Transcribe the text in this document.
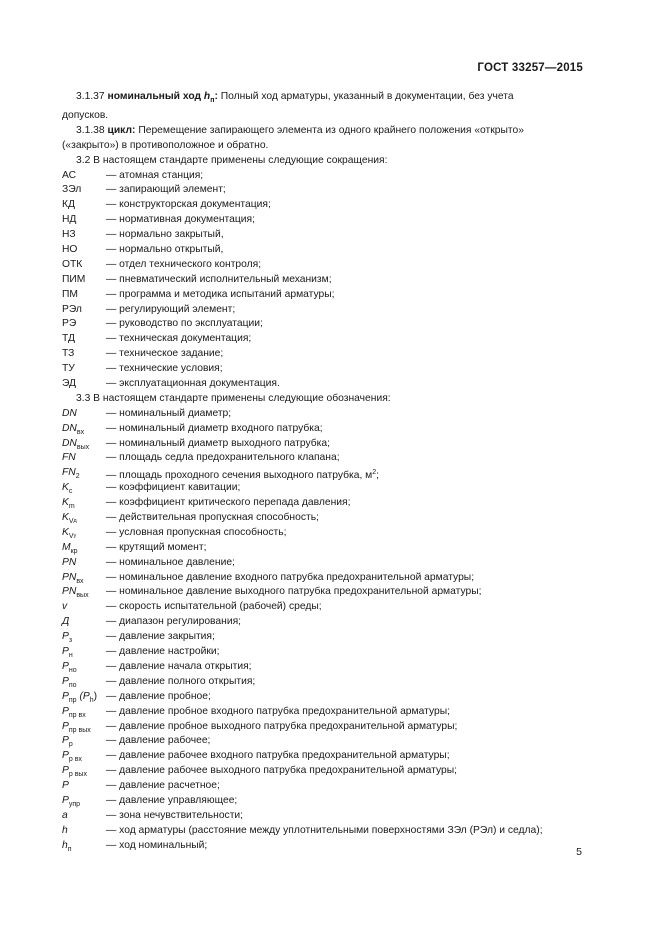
ГОСТ 33257—2015

3.1.37 номинальный ход $h_п$: Полный ход арматуры, указанный в документации, без учета

допусков.

3.1.38 цикл: Перемещение запирающего элемента из одного крайнего положения «открыто»

(«закрыто») в противоположное и обратно.

3.2 В настоящем стандарте применены следующие сокращения:

АС	— атомная станция;
ЗЭл	— запирающий элемент;
КД	— конструкторская документация;
НД	— нормативная документация;
НЗ	— нормально закрытый,
НО	— нормально открытый,
ОТК	— отдел технического контроля;
ПИМ	— пневматический исполнительный механизм;
ПМ	— программа и методика испытаний арматуры;
РЭл	— регулирующий элемент;
РЭ	— руководство по эксплуатации;
ТД	— техническая документация;
ТЗ	— техническое задание;
ТУ	— технические условия;
ЭД	— эксплуатационная документация.

3.3 В настоящем стандарте применены следующие обозначения:

DN	— номинальный диаметр;
$DN_{вх}$	— номинальный диаметр входного патрубка;
$DN_{вых}$	— номинальный диаметр выходного патрубка;
FN	— площадь седла предохранительного клапана;
$FN_2$	— площадь проходного сечения выходного патрубка, $м^2$;
$K_c$	— коэффициент кавитации;
$K_m$	— коэффициент критического перепада давления;
$K_Vд$	— действительная пропускная способность;
$K_Vy$	— условная пропускная способность;
$M_{кр}$	— крутящий момент;
PN	— номинальное давление;
$PN_{вх}$	— номинальное давление входного патрубка предохранительной арматуры;
$PN_{вых}$	— номинальное давление выходного патрубка предохранительной арматуры;
v	— скорость испытательной (рабочей) среды;
Д	— диапазон регулирования;
$P_з$	— давление закрытия;
$P_н$	— давление настройки;
$P_{но}$	— давление начала открытия;
$P_{по}$	— давление полного открытия;
$P_{пр}$ $(P_h)$ — давление пробное;
$P_{пр вх}$	— давление пробное входного патрубка предохранительной арматуры;
$P_{пр вых}$	— давление пробное выходного патрубка предохранительной арматуры;
$P_р$	— давление рабочее;
$P_{р вх}$	— давление рабочее входного патрубка предохранительной арматуры;
$P_{р вых}$	— давление рабочее выходного патрубка предохранительной арматуры;
P	— давление расчетное;
$P_{упр}$	— давление управляющее;
a	— зона нечувствительности;
h	— ход арматуры (расстояние между уплотнительными поверхностями ЗЭл (РЭл) и седла);
$h_п$	— ход номинальный;
5
